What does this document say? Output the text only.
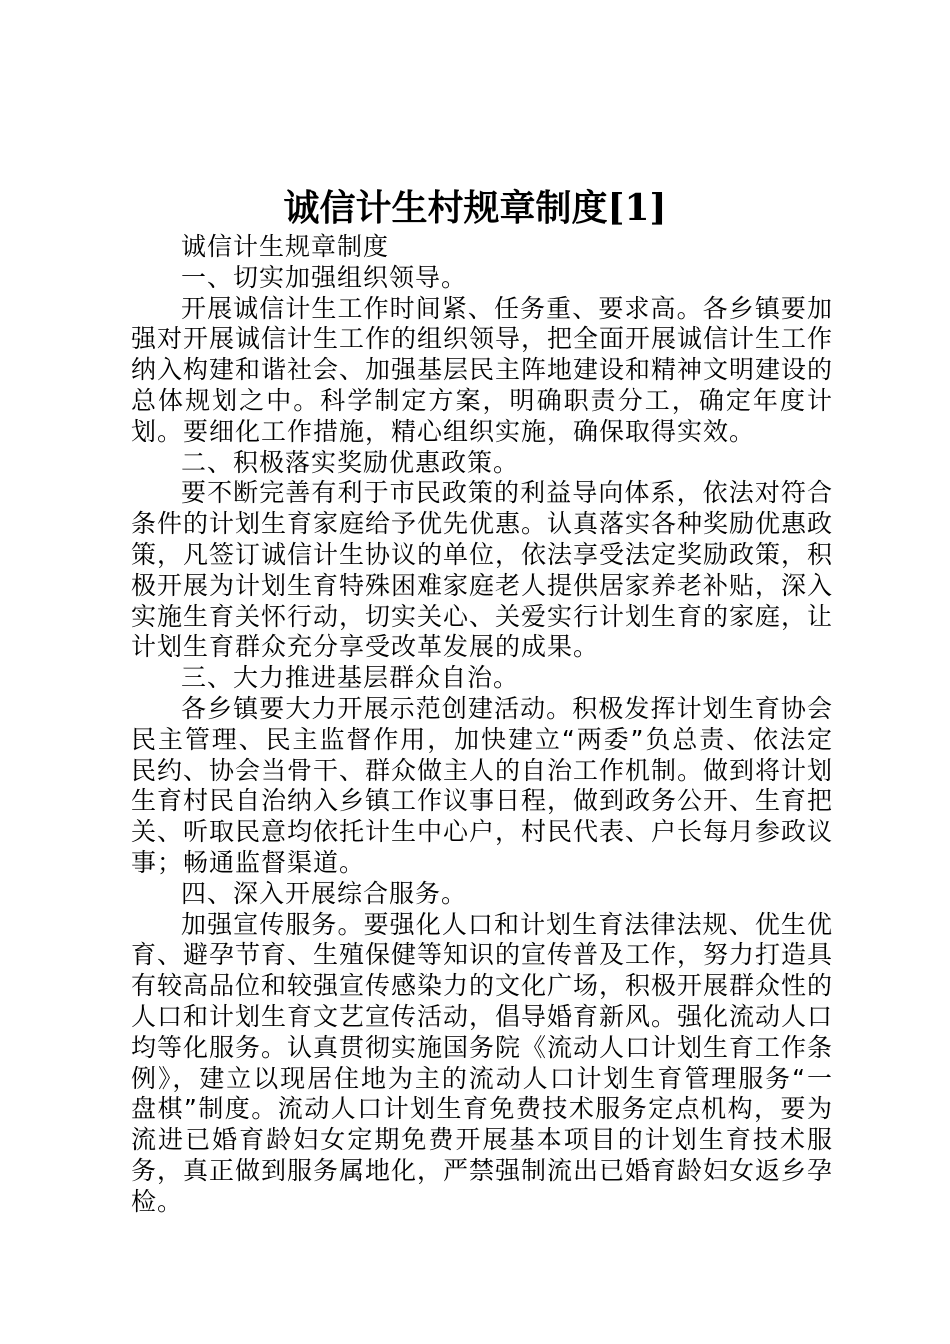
诚信计生村规章制度[1]

诚信计生规章制度

一、切实加强组织领导。

开展诚信计生工作时间紧、任务重、要求高。各乡镇要加强对开展诚信计生工作的组织领导，把全面开展诚信计生工作纳入构建和谐社会、加强基层民主阵地建设和精神文明建设的总体规划之中。科学制定方案，明确职责分工，确定年度计划。要细化工作措施，精心组织实施，确保取得实效。

二、积极落实奖励优惠政策。

要不断完善有利于市民政策的利益导向体系，依法对符合条件的计划生育家庭给予优先优惠。认真落实各种奖励优惠政策，凡签订诚信计生协议的单位，依法享受法定奖励政策，积极开展为计划生育特殊困难家庭老人提供居家养老补贴，深入实施生育关怀行动，切实关心、关爱实行计划生育的家庭，让计划生育群众充分享受改革发展的成果。

三、大力推进基层群众自治。

各乡镇要大力开展示范创建活动。积极发挥计划生育协会民主管理、民主监督作用，加快建立“两委”负总责、依法定民约、协会当骨干、群众做主人的自治工作机制。做到将计划生育村民自治纳入乡镇工作议事日程，做到政务公开、生育把关、听取民意均依托计生中心户，村民代表、户长每月参政议事；畅通监督渠道。

四、深入开展综合服务。

加强宣传服务。要强化人口和计划生育法律法规、优生优育、避孕节育、生殖保健等知识的宣传普及工作，努力打造具有较高品位和较强宣传感染力的文化广场，积极开展群众性的人口和计划生育文艺宣传活动，倡导婚育新风。强化流动人口均等化服务。认真贯彻实施国务院《流动人口计划生育工作条例》，建立以现居住地为主的流动人口计划生育管理服务“一盘棋”制度。流动人口计划生育免费技术服务定点机构，要为流进已婚育龄妇女定期免费开展基本项目的计划生育技术服务，真正做到服务属地化，严禁强制流出已婚育龄妇女返乡孕检。
